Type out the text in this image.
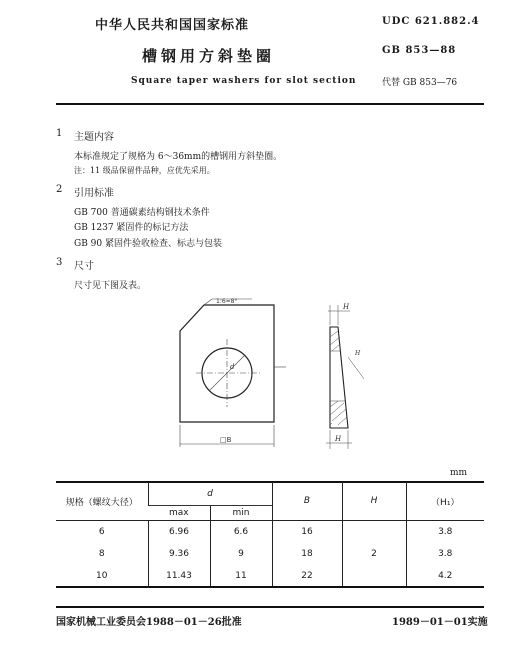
中华人民共和国国家标准	UDC 621.882.4
槽钢用方斜垫圈	GB 853—88
Square taper washers for slot section	代替 GB 853—76
1 主题内容
本标准规定了规格为 6～36mm的槽钢用方斜垫圈。
注：11 级品保留件品种，应优先采用。
2 引用标准
GB 700 普通碳素结构钢技术条件
GB 1237 紧固件的标记方法
GB 90 紧固件验收检查、标志与包装
3 尺寸
尺寸见下图及表。
1:6=8°
d
□B
H
H
H
mm
规格（螺纹大径）	d		B	H	（H₁）
	max	min			
6	6.96	6.6	16		3.8
8	9.36	9	18	2	3.8
10	11.43	11	22		4.2
国家机械工业委员会1988－01－26批准	1989－01－01实施
